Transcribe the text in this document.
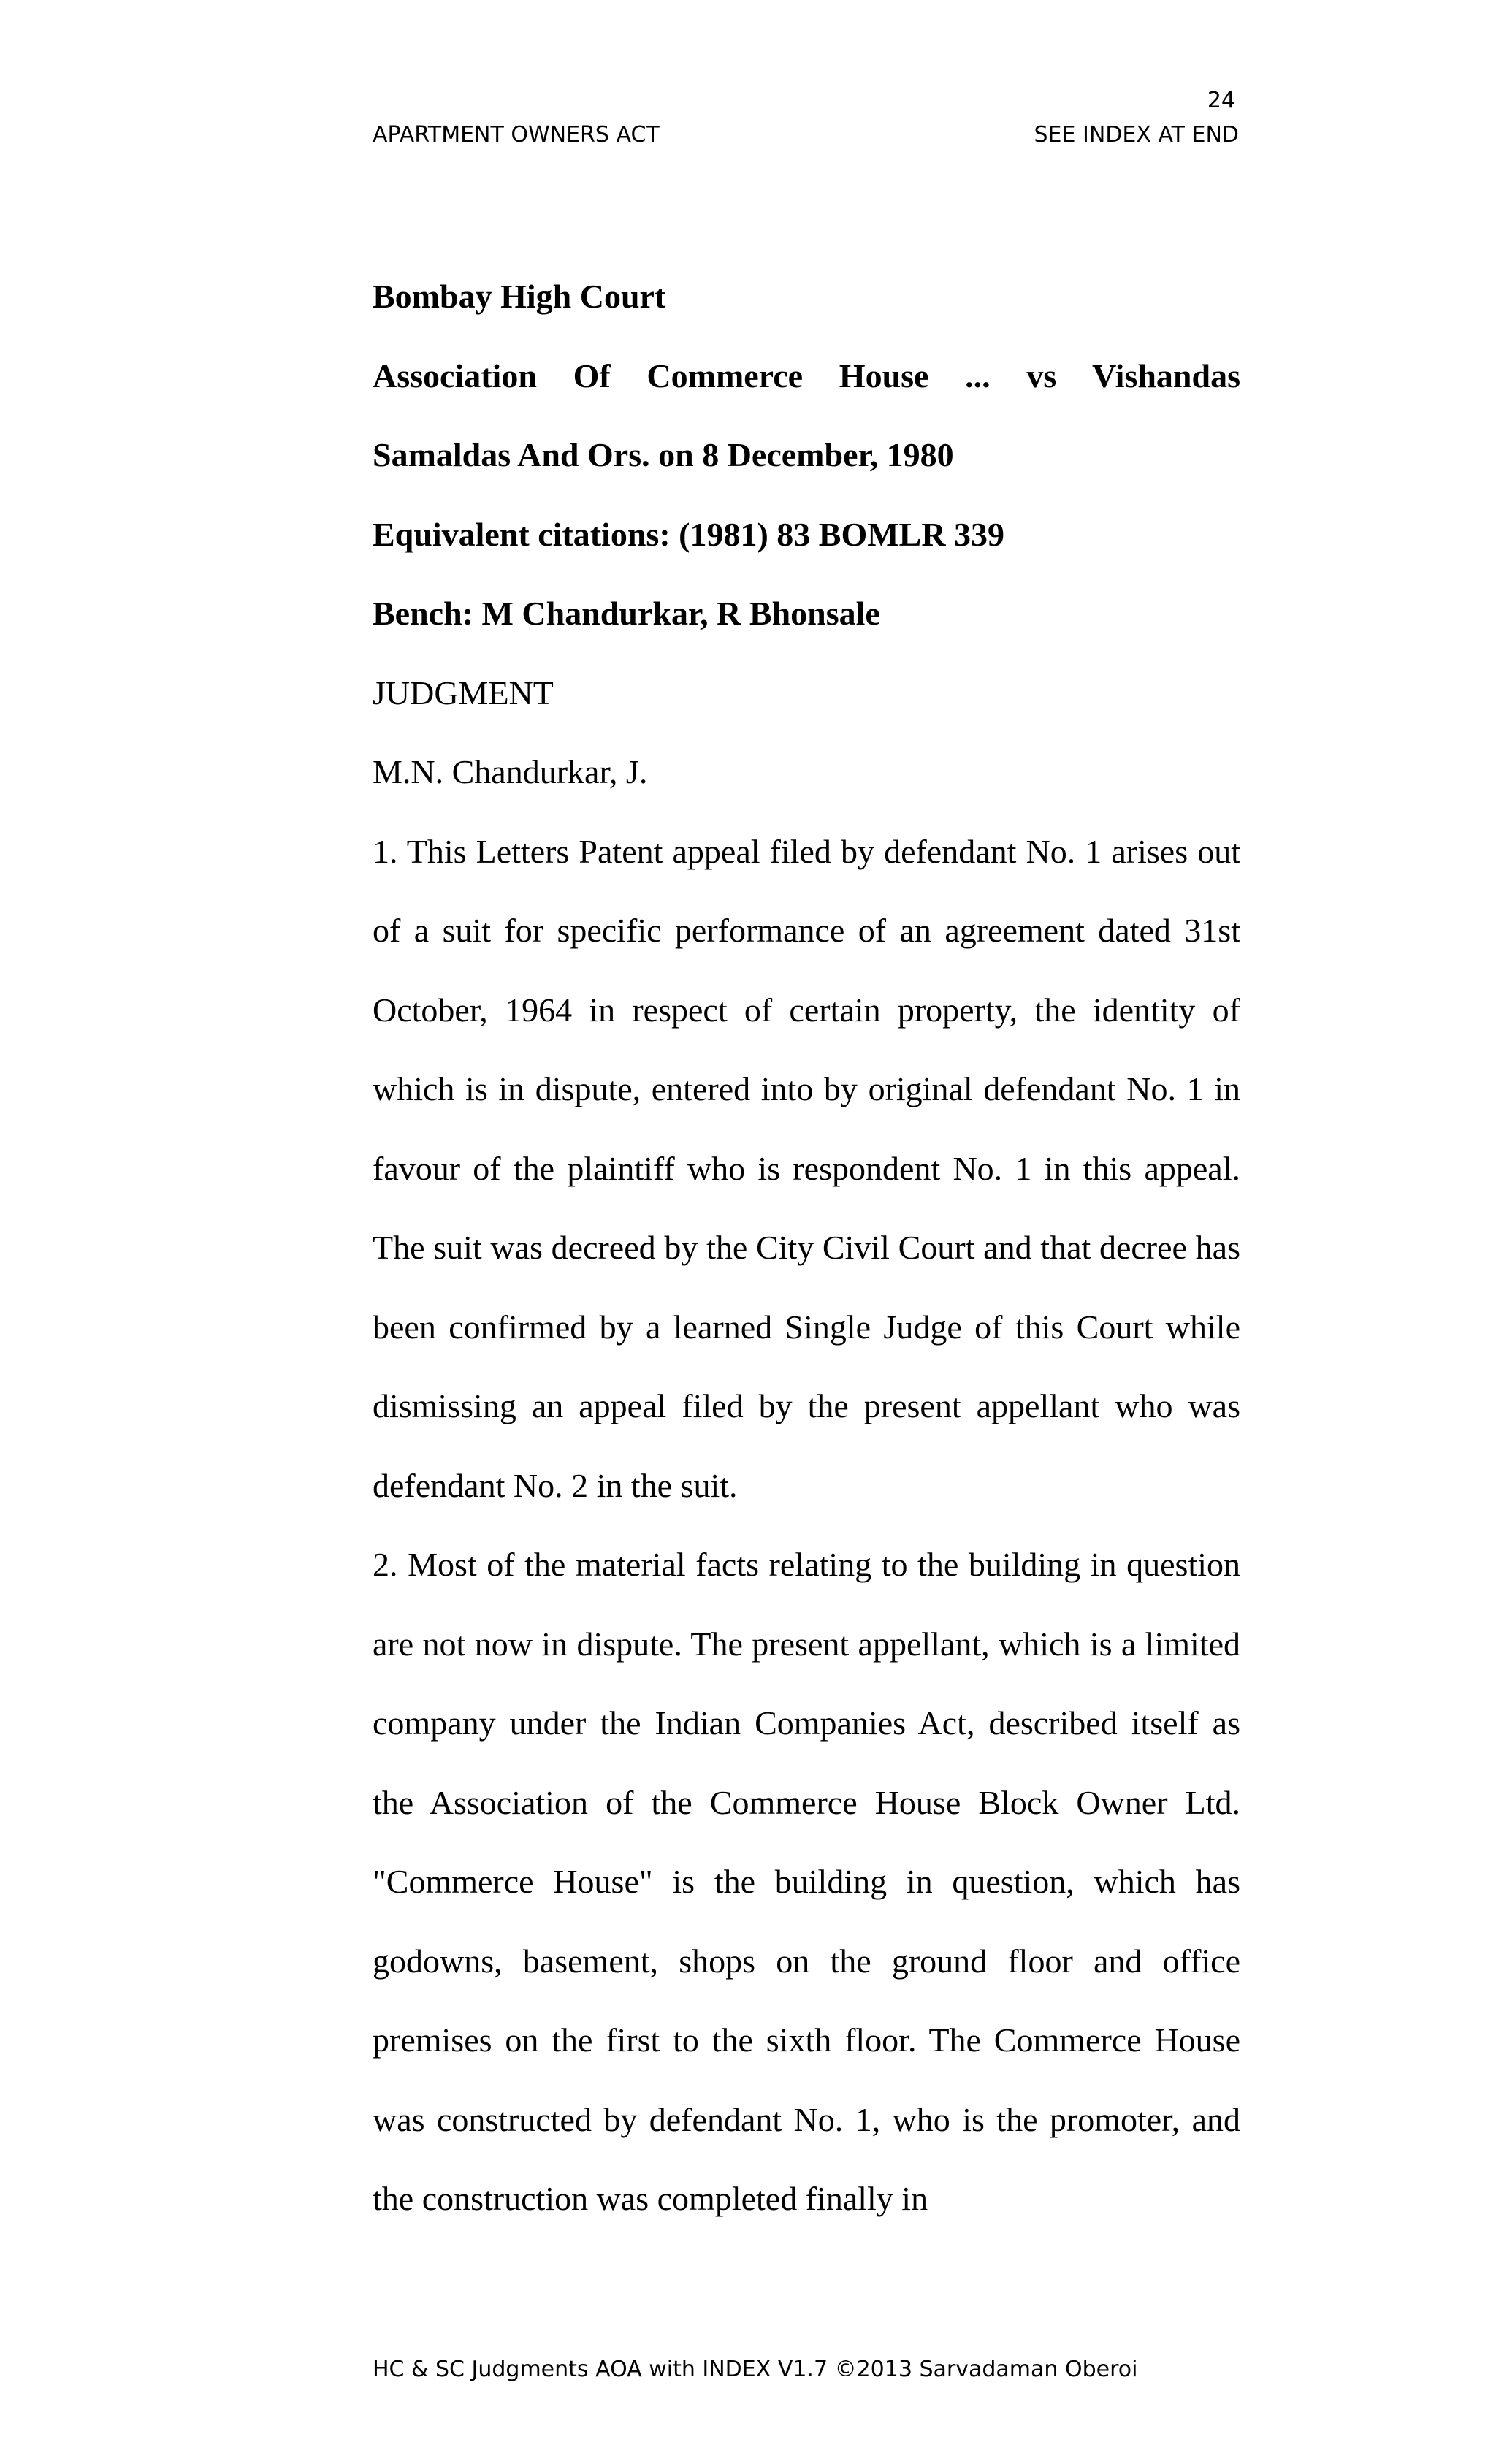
24
APARTMENT OWNERS ACT	SEE INDEX AT END

Bombay High Court

Association Of Commerce House ... vs Vishandas

Samaldas And Ors. on 8 December, 1980

Equivalent citations: (1981) 83 BOMLR 339

Bench: M Chandurkar, R Bhonsale

JUDGMENT

M.N. Chandurkar, J.

1. This Letters Patent appeal filed by defendant No. 1 arises out of a suit for specific performance of an agreement dated 31st October, 1964 in respect of certain property, the identity of which is in dispute, entered into by original defendant No. 1 in favour of the plaintiff who is respondent No. 1 in this appeal. The suit was decreed by the City Civil Court and that decree has been confirmed by a learned Single Judge of this Court while dismissing an appeal filed by the present appellant who was defendant No. 2 in the suit.

2. Most of the material facts relating to the building in question are not now in dispute. The present appellant, which is a limited company under the Indian Companies Act, described itself as the Association of the Commerce House Block Owner Ltd. "Commerce House" is the building in question, which has godowns, basement, shops on the ground floor and office premises on the first to the sixth floor. The Commerce House was constructed by defendant No. 1, who is the promoter, and the construction was completed finally in

HC & SC Judgments AOA with INDEX V1.7 ©2013 Sarvadaman Oberoi
